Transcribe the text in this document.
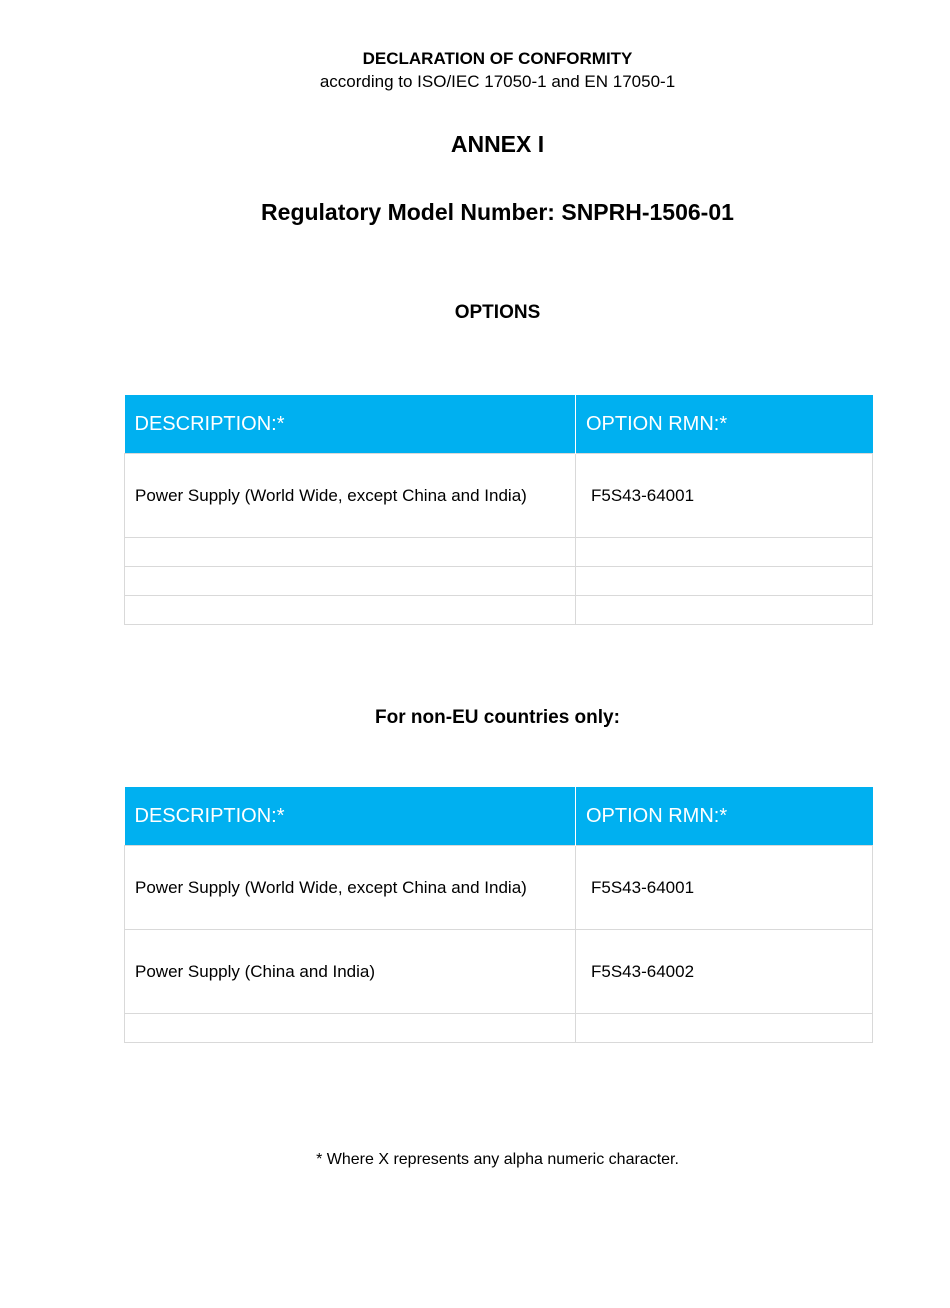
DECLARATION OF CONFORMITY
according to ISO/IEC 17050-1 and EN 17050-1
ANNEX I
Regulatory Model Number: SNPRH-1506-01
OPTIONS
DESCRIPTION:*	OPTION RMN:*
Power Supply (World Wide, except China and India)	F5S43-64001

For non-EU countries only:
DESCRIPTION:*	OPTION RMN:*
Power Supply (World Wide, except China and India)	F5S43-64001
Power Supply (China and India)	F5S43-64002

* Where X represents any alpha numeric character.
